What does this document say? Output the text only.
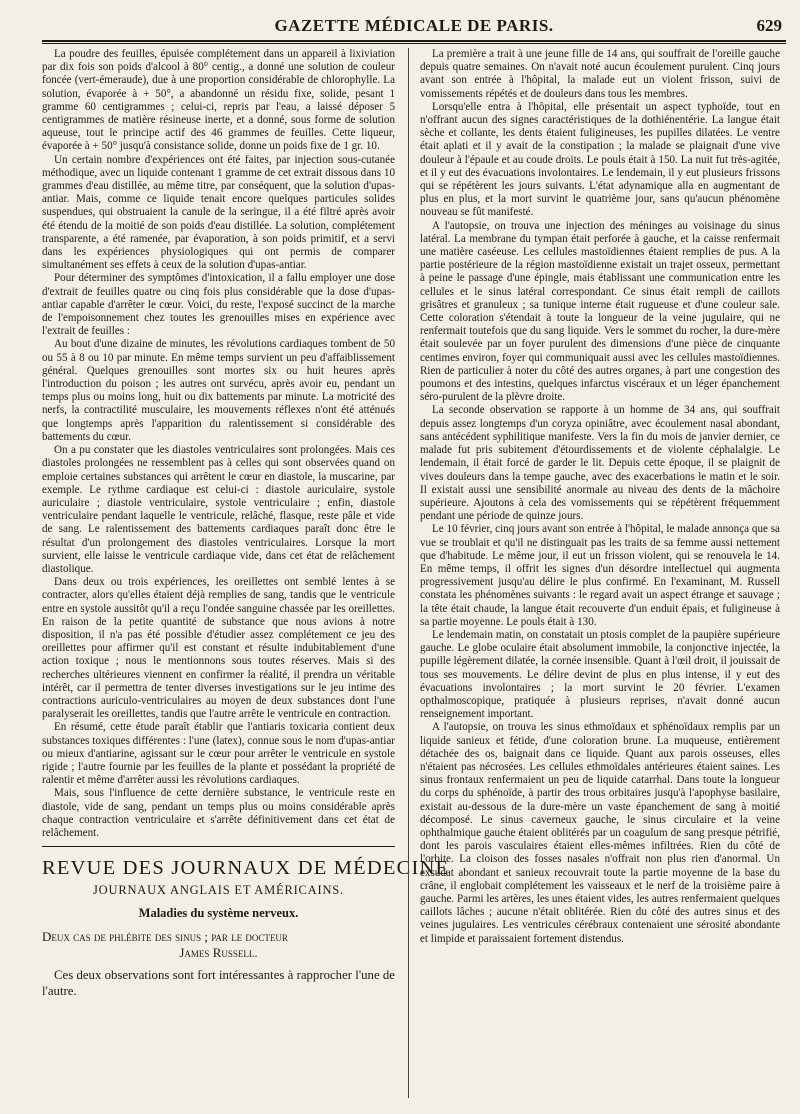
GAZETTE MÉDICALE DE PARIS.	629

La poudre des feuilles, épuisée complétement dans un appareil à lixiviation par dix fois son poids d'alcool à 80° centig., a donné une solution de couleur foncée (vert-émeraude), due à une proportion considérable de chlorophylle. La solution, évaporée à + 50°, a abandonné un résidu fixe, solide, pesant 1 gramme 60 centigrammes ; celui-ci, repris par l'eau, a laissé déposer 5 centigrammes de matière résineuse inerte, et a donné, sous forme de solution aqueuse, tout le principe actif des 46 grammes de feuilles. Cette liqueur, évaporée à + 50° jusqu'à consistance solide, donne un poids fixe de 1 gr. 10.

Un certain nombre d'expériences ont été faites, par injection sous-cutanée méthodique, avec un liquide contenant 1 gramme de cet extrait dissous dans 10 grammes d'eau distillée, au même titre, par conséquent, que la solution d'upas-antiar. Mais, comme ce liquide tenait encore quelques particules solides suspendues, qui obstruaient la canule de la seringue, il a été filtré après avoir été étendu de la moitié de son poids d'eau distillée. La solution, complétement transparente, a été ramenée, par évaporation, à son poids primitif, et a servi dans les expériences physiologiques qui ont permis de comparer simultanément ses effets à ceux de la solution d'upas-antiar.

Pour déterminer des symptômes d'intoxication, il a fallu employer une dose d'extrait de feuilles quatre ou cinq fois plus considérable que la dose d'upas-antiar capable d'arrêter le cœur. Voici, du reste, l'exposé succinct de la marche de l'empoisonnement chez toutes les grenouilles mises en expérience avec l'extrait de feuilles :

Au bout d'une dizaine de minutes, les révolutions cardiaques tombent de 50 ou 55 à 8 ou 10 par minute. En même temps survient un peu d'affaiblissement général. Quelques grenouilles sont mortes six ou huit heures après l'introduction du poison ; les autres ont survécu, après avoir eu, pendant un temps plus ou moins long, huit ou dix battements par minute. La motricité des nerfs, la contractilité musculaire, les mouvements réflexes n'ont été atténués que longtemps après l'apparition du ralentissement si considérable des battements du cœur.

On a pu constater que les diastoles ventriculaires sont prolongées. Mais ces diastoles prolongées ne ressemblent pas à celles qui sont observées quand on emploie certaines substances qui arrêtent le cœur en diastole, la muscarine, par exemple. Le rythme cardiaque est celui-ci : diastole auriculaire, systole auriculaire ; diastole ventriculaire, systole ventriculaire ; enfin, diastole ventriculaire pendant laquelle le ventricule, relâché, flasque, reste pâle et vide de sang. Le ralentissement des battements cardiaques paraît donc être le résultat d'un prolongement des diastoles ventriculaires. Lorsque la mort survient, elle laisse le ventricule cardiaque vide, dans cet état de relâchement diastolique.

Dans deux ou trois expériences, les oreillettes ont semblé lentes à se contracter, alors qu'elles étaient déjà remplies de sang, tandis que le ventricule entre en systole aussitôt qu'il a reçu l'ondée sanguine chassée par les oreillettes. En raison de la petite quantité de substance que nous avions à notre disposition, il n'a pas été possible d'étudier assez complétement ce jeu des oreillettes pour affirmer qu'il est constant et résulte indubitablement d'une action toxique ; nous le mentionnons sous toutes réserves. Mais si des recherches ultérieures viennent en confirmer la réalité, il prendra un véritable intérêt, car il permettra de tenter diverses investigations sur le jeu intime des contractions auriculo-ventriculaires au moyen de deux substances dont l'une paralyserait les oreillettes, tandis que l'autre arrête le ventricule en contraction.

En résumé, cette étude paraît établir que l'antiaris toxicaria contient deux substances toxiques différentes : l'une (latex), connue sous le nom d'upas-antiar ou mieux d'antiarine, agissant sur le cœur pour arrêter le ventricule en systole rigide ; l'autre fournie par les feuilles de la plante et possédant la propriété de ralentir et même d'arrêter aussi les révolutions cardiaques.

Mais, sous l'influence de cette dernière substance, le ventricule reste en diastole, vide de sang, pendant un temps plus ou moins considérable après chaque contraction ventriculaire et s'arrête définitivement dans cet état de relâchement.

REVUE DES JOURNAUX DE MÉDECINE
JOURNAUX ANGLAIS ET AMÉRICAINS.
Maladies du système nerveux.

Deux cas de phlébite des sinus ; par le docteur
James Russell.

Ces deux observations sont fort intéressantes à rapprocher l'une de l'autre.

La première a trait à une jeune fille de 14 ans, qui souffrait de l'oreille gauche depuis quatre semaines. On n'avait noté aucun écoulement purulent. Cinq jours avant son entrée à l'hôpital, la malade eut un violent frisson, suivi de vomissements répétés et de douleurs dans tous les membres.

Lorsqu'elle entra à l'hôpital, elle présentait un aspect typhoïde, tout en n'offrant aucun des signes caractéristiques de la dothiénentérie. La langue était sèche et collante, les dents étaient fuligineuses, les pupilles dilatées. Le ventre était aplati et il y avait de la constipation ; la malade se plaignait d'une vive douleur à l'épaule et au coude droits. Le pouls était à 150. La nuit fut très-agitée, et il y eut des évacuations involontaires. Le lendemain, il y eut plusieurs frissons qui se répétèrent les jours suivants. L'état adynamique alla en augmentant de plus en plus, et la mort survint le quatrième jour, sans qu'aucun phénomène nouveau se fût manifesté.

A l'autopsie, on trouva une injection des méninges au voisinage du sinus latéral. La membrane du tympan était perforée à gauche, et la caisse renfermait une matière caséeuse. Les cellules mastoïdiennes étaient remplies de pus. A la partie postérieure de la région mastoïdienne existait un trajet osseux, permettant à peine le passage d'une épingle, mais établissant une communication entre les cellules et le sinus latéral correspondant. Ce sinus était rempli de caillots grisâtres et granuleux ; sa tunique interne était rugueuse et d'une couleur sale. Cette coloration s'étendait à toute la longueur de la veine jugulaire, qui ne renfermait toutefois que du sang liquide. Vers le sommet du rocher, la dure-mère était soulevée par un foyer purulent des dimensions d'une pièce de cinquante centimes environ, foyer qui communiquait aussi avec les cellules mastoïdiennes. Rien de particulier à noter du côté des autres organes, à part une congestion des poumons et des intestins, quelques infarctus viscéraux et un léger épanchement séro-purulent de la plèvre droite.

La seconde observation se rapporte à un homme de 34 ans, qui souffrait depuis assez longtemps d'un coryza opiniâtre, avec écoulement nasal abondant, sans antécédent syphilitique manifeste. Vers la fin du mois de janvier dernier, ce malade fut pris subitement d'étourdissements et de violente céphalalgie. Le lendemain, il était forcé de garder le lit. Depuis cette époque, il se plaignit de vives douleurs dans la tempe gauche, avec des exacerbations le matin et le soir. Il existait aussi une sensibilité anormale au niveau des dents de la mâchoire supérieure. Ajoutons à cela des vomissements qui se répétèrent fréquemment pendant une période de quinze jours.

Le 10 février, cinq jours avant son entrée à l'hôpital, le malade annonça que sa vue se troublait et qu'il ne distinguait pas les traits de sa femme aussi nettement que d'habitude. Le même jour, il eut un frisson violent, qui se renouvela le 14. En même temps, il offrit les signes d'un désordre intellectuel qui augmenta progressivement jusqu'au délire le plus confirmé. En l'examinant, M. Russell constata les phénomènes suivants : le regard avait un aspect étrange et sauvage ; la tête était chaude, la langue était recouverte d'un enduit épais, et fuligineuse à sa partie moyenne. Le pouls était à 130.

Le lendemain matin, on constatait un ptosis complet de la paupière supérieure gauche. Le globe oculaire était absolument immobile, la conjonctive injectée, la pupille légèrement dilatée, la cornée insensible. Quant à l'œil droit, il jouissait de tous ses mouvements. Le délire devint de plus en plus intense, il y eut des évacuations involontaires ; la mort survint le 20 février. L'examen opthalmoscopique, pratiquée à plusieurs reprises, n'avait donné aucun renseignement important.

A l'autopsie, on trouva les sinus ethmoïdaux et sphénoïdaux remplis par un liquide sanieux et fétide, d'une coloration brune. La muqueuse, entièrement détachée des os, baignait dans ce liquide. Quant aux parois osseuses, elles n'étaient pas nécrosées. Les cellules ethmoïdales antérieures étaient saines. Les sinus frontaux renfermaient un peu de liquide catarrhal. Dans toute la longueur du corps du sphénoïde, à partir des trous orbitaires jusqu'à l'apophyse basilaire, existait au-dessous de la dure-mère un vaste épanchement de sang à moitié décomposé. Le sinus caverneux gauche, le sinus circulaire et la veine ophthalmique gauche étaient oblitérés par un coagulum de sang presque pétrifié, dont les parois vasculaires étaient elles-mêmes infiltrées. Rien du côté de l'orbite. La cloison des fosses nasales n'offrait non plus rien d'anormal. Un exsudat abondant et sanieux recouvrait toute la partie moyenne de la base du crâne, il englobait complétement les vaisseaux et le nerf de la troisième paire à gauche. Parmi les artères, les unes étaient vides, les autres renfermaient quelques caillots lâches ; aucune n'était oblitérée. Rien du côté des autres sinus et des veines jugulaires. Les ventricules cérébraux contenaient une sérosité abondante et limpide et paraissaient fortement distendus.
